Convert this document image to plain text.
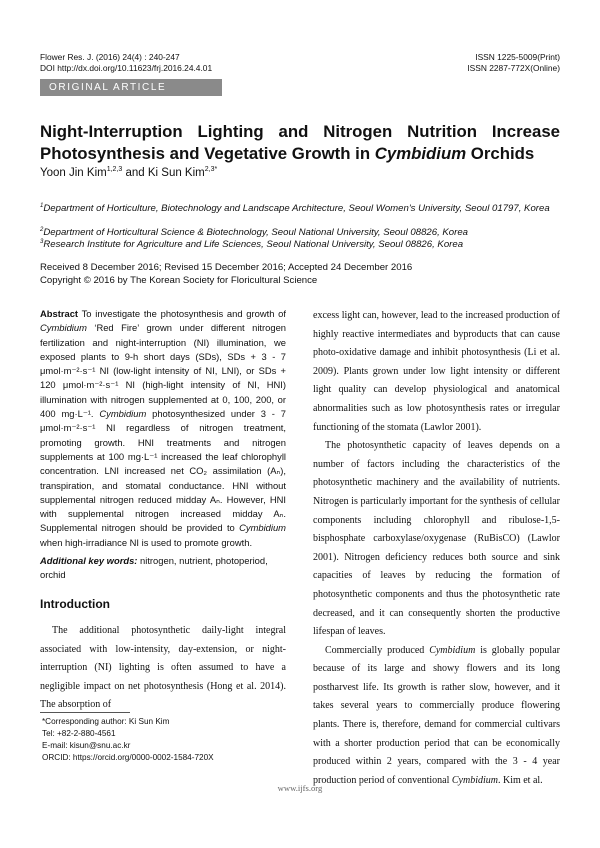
Flower Res. J. (2016) 24(4) : 240-247
DOI http://dx.doi.org/10.11623/frj.2016.24.4.01
ISSN 1225-5009(Print)
ISSN 2287-772X(Online)
ORIGINAL ARTICLE
Night-Interruption Lighting and Nitrogen Nutrition Increase Photosynthesis and Vegetative Growth in Cymbidium Orchids
Yoon Jin Kim$^{1,2,3}$ and Ki Sun Kim$^{2,3*}$
$^1$Department of Horticulture, Biotechnology and Landscape Architecture, Seoul Women's University, Seoul 01797, Korea
$^2$Department of Horticultural Science & Biotechnology, Seoul National University, Seoul 08826, Korea
$^3$Research Institute for Agriculture and Life Sciences, Seoul National University, Seoul 08826, Korea
Received 8 December 2016; Revised 15 December 2016; Accepted 24 December 2016
Copyright © 2016 by The Korean Society for Floricultural Science
Abstract To investigate the photosynthesis and growth of Cymbidium ‘Red Fire’ grown under different nitrogen fertilization and night-interruption (NI) illumination, we exposed plants to 9-h short days (SDs), SDs + 3 - 7 μmol·m⁻²·s⁻¹ NI (low-light intensity of NI, LNI), or SDs + 120 μmol·m⁻²·s⁻¹ NI (high-light intensity of NI, HNI) illumination with nitrogen supplemented at 0, 100, 200, or 400 mg·L⁻¹. Cymbidium photosynthesized under 3 - 7 μmol·m⁻²·s⁻¹ NI regardless of nitrogen treatment, promoting growth. HNI treatments and nitrogen supplements at 100 mg·L⁻¹ increased the leaf chlorophyll concentration. LNI increased net CO₂ assimilation (Aₙ), transpiration, and stomatal conductance. HNI without supplemental nitrogen reduced midday Aₙ. However, HNI with supplemental nitrogen increased midday Aₙ. Supplemental nitrogen should be provided to Cymbidium when high-irradiance NI is used to promote growth.
Additional key words: nitrogen, nutrient, photoperiod, orchid
Introduction

The additional photosynthetic daily-light integral associated with low-intensity, day-extension, or night-interruption (NI) lighting is often assumed to have a negligible impact on net photosynthesis (Hong et al. 2014). The absorption of

excess light can, however, lead to the increased production of highly reactive intermediates and byproducts that can cause photo-oxidative damage and inhibit photosynthesis (Li et al. 2009). Plants grown under low light intensity or different light quality can develop physiological and anatomical abnormalities such as low photosynthesis rates or irregular functioning of the stomata (Lawlor 2001).

The photosynthetic capacity of leaves depends on a number of factors including the characteristics of the photosynthetic machinery and the availability of nutrients. Nitrogen is particularly important for the synthesis of cellular components including chlorophyll and ribulose-1,5-bisphosphate carboxylase/oxygenase (RuBisCO) (Lawlor 2001). Nitrogen deficiency reduces both source and sink capacities of leaves by reducing the formation of photosynthetic components and thus the photosynthetic rate decreased, and it can consequently shorten the productive lifespan of leaves.

Commercially produced Cymbidium is globally popular because of its large and showy flowers and its long postharvest life. Its growth is rather slow, however, and it takes several years to commercially produce flowering plants. There is, therefore, demand for commercial cultivars with a shorter production period that can be economically produced within 2 years, compared with the 3 - 4 year production period of conventional Cymbidium. Kim et al.

*Corresponding author: Ki Sun Kim
Tel: +82-2-880-4561
E-mail: kisun@snu.ac.kr
ORCID: https://orcid.org/0000-0002-1584-720X
www.ijfs.org
